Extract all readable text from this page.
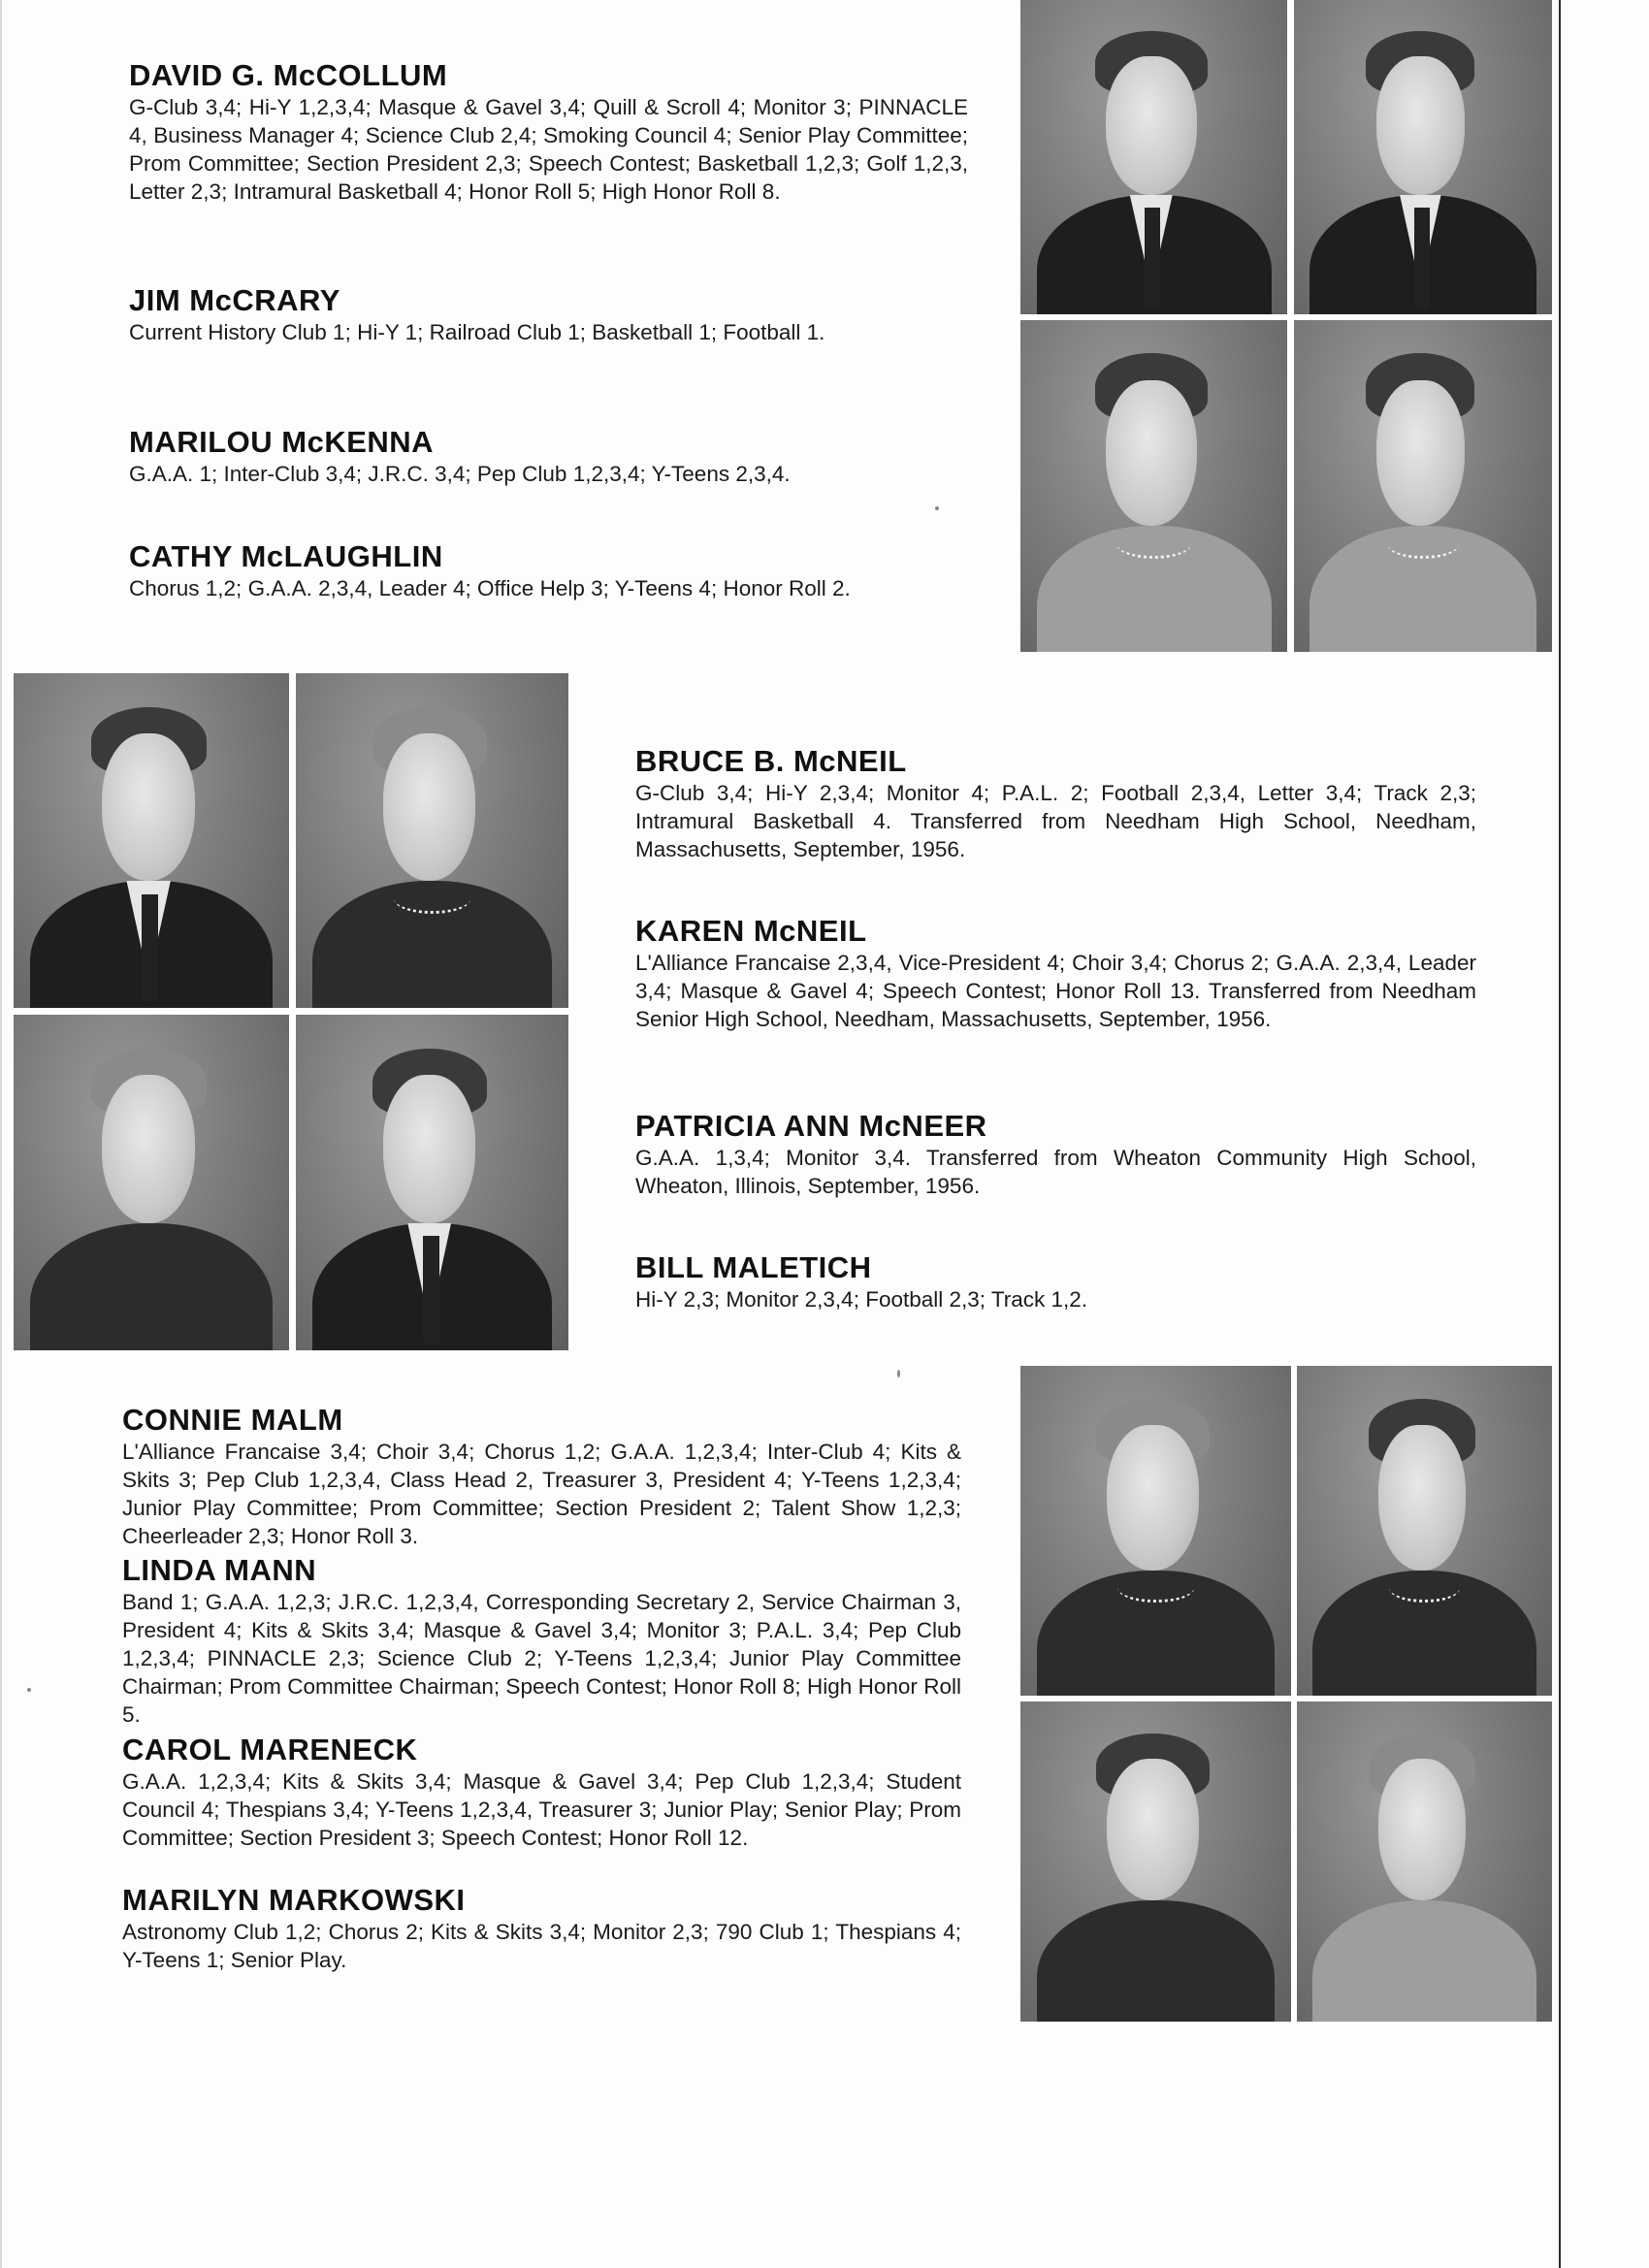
DAVID G. McCOLLUM
G-Club 3,4; Hi-Y 1,2,3,4; Masque & Gavel 3,4; Quill & Scroll 4; Monitor 3; PINNACLE 4, Business Manager 4; Science Club 2,4; Smoking Council 4; Senior Play Committee; Prom Committee; Section President 2,3; Speech Contest; Basketball 1,2,3; Golf 1,2,3, Letter 2,3; Intramural Basketball 4; Honor Roll 5; High Honor Roll 8.
JIM McCRARY
Current History Club 1; Hi-Y 1; Railroad Club 1; Basketball 1; Football 1.
MARILOU McKENNA
G.A.A. 1; Inter-Club 3,4; J.R.C. 3,4; Pep Club 1,2,3,4; Y-Teens 2,3,4.
CATHY McLAUGHLIN
Chorus 1,2; G.A.A. 2,3,4, Leader 4; Office Help 3; Y-Teens 4; Honor Roll 2.
BRUCE B. McNEIL
G-Club 3,4; Hi-Y 2,3,4; Monitor 4; P.A.L. 2; Football 2,3,4, Letter 3,4; Track 2,3; Intramural Basketball 4. Transferred from Needham High School, Needham, Massachusetts, September, 1956.
KAREN McNEIL
L'Alliance Francaise 2,3,4, Vice-President 4; Choir 3,4; Chorus 2; G.A.A. 2,3,4, Leader 3,4; Masque & Gavel 4; Speech Contest; Honor Roll 13. Transferred from Needham Senior High School, Needham, Massachusetts, September, 1956.
PATRICIA ANN McNEER
G.A.A. 1,3,4; Monitor 3,4. Transferred from Wheaton Community High School, Wheaton, Illinois, September, 1956.
BILL MALETICH
Hi-Y 2,3; Monitor 2,3,4; Football 2,3; Track 1,2.
CONNIE MALM
L'Alliance Francaise 3,4; Choir 3,4; Chorus 1,2; G.A.A. 1,2,3,4; Inter-Club 4; Kits & Skits 3; Pep Club 1,2,3,4, Class Head 2, Treasurer 3, President 4; Y-Teens 1,2,3,4; Junior Play Committee; Prom Committee; Section President 2; Talent Show 1,2,3; Cheerleader 2,3; Honor Roll 3.
LINDA MANN
Band 1; G.A.A. 1,2,3; J.R.C. 1,2,3,4, Corresponding Secretary 2, Service Chairman 3, President 4; Kits & Skits 3,4; Masque & Gavel 3,4; Monitor 3; P.A.L. 3,4; Pep Club 1,2,3,4; PINNACLE 2,3; Science Club 2; Y-Teens 1,2,3,4; Junior Play Committee Chairman; Prom Committee Chairman; Speech Contest; Honor Roll 8; High Honor Roll 5.
CAROL MARENECK
G.A.A. 1,2,3,4; Kits & Skits 3,4; Masque & Gavel 3,4; Pep Club 1,2,3,4; Student Council 4; Thespians 3,4; Y-Teens 1,2,3,4, Treasurer 3; Junior Play; Senior Play; Prom Committee; Section President 3; Speech Contest; Honor Roll 12.
MARILYN MARKOWSKI
Astronomy Club 1,2; Chorus 2; Kits & Skits 3,4; Monitor 2,3; 790 Club 1; Thespians 4; Y-Teens 1; Senior Play.
